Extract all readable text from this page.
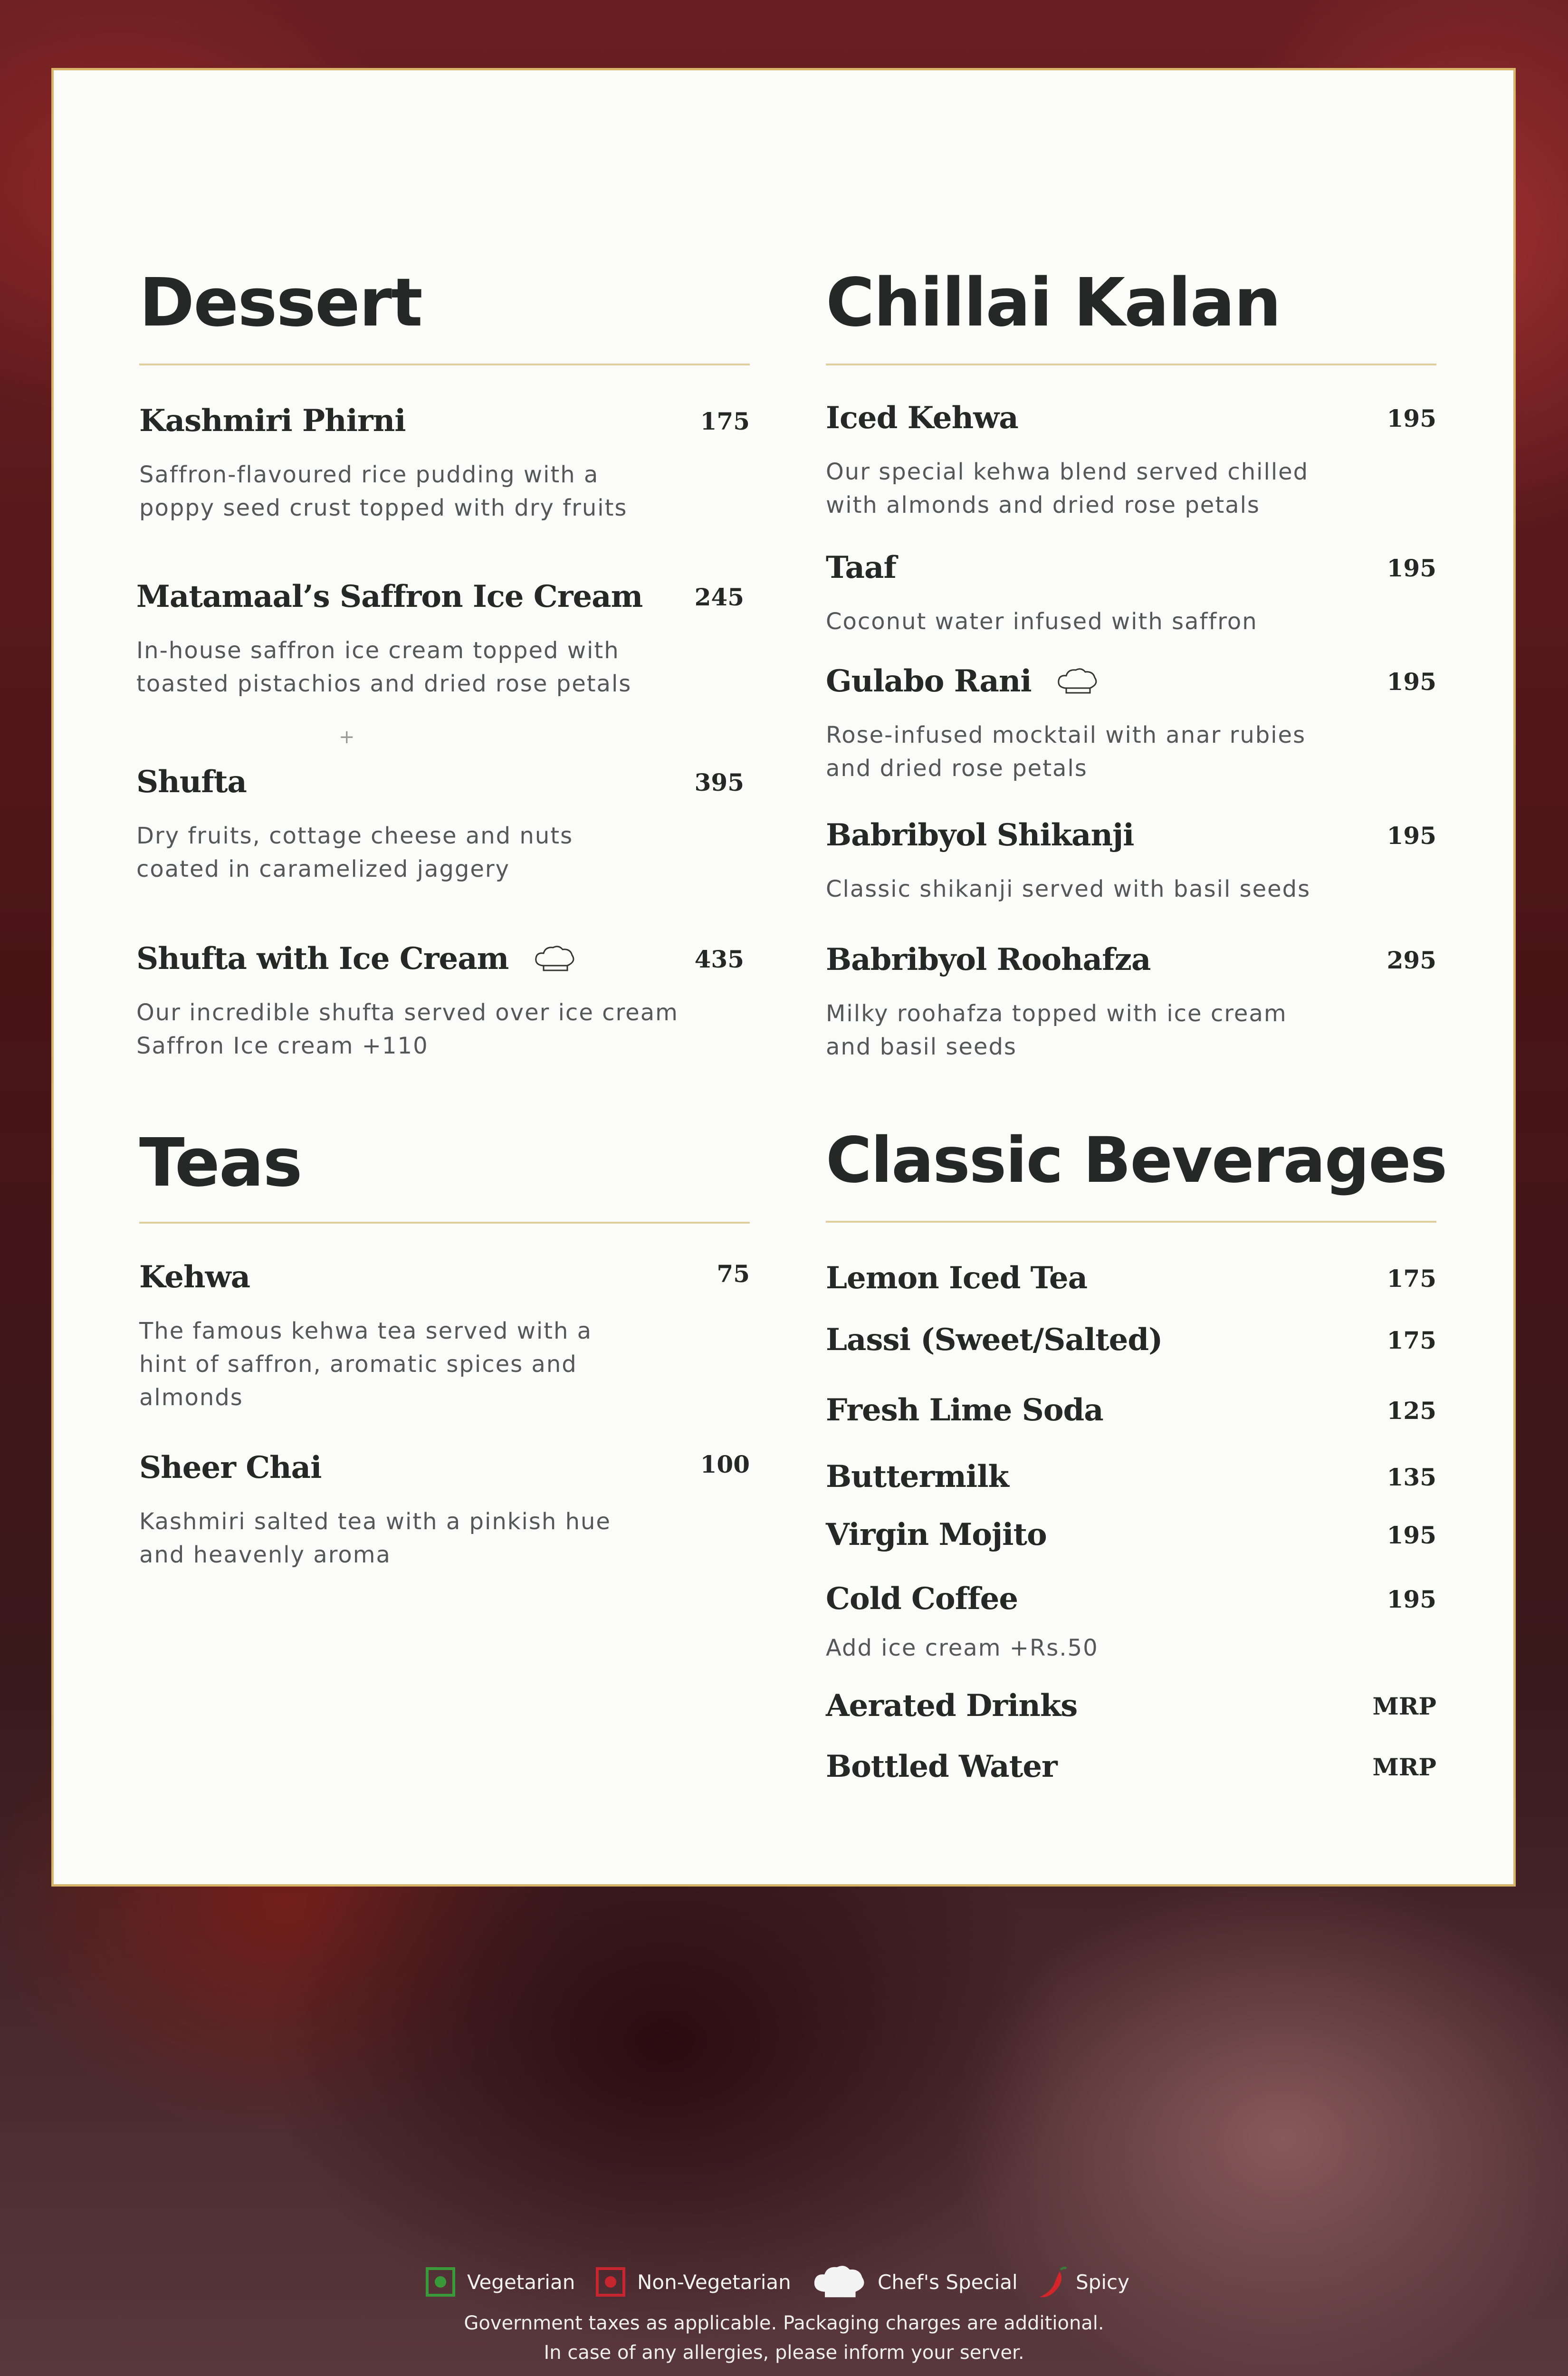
Dessert
Kashmiri Phirni	175
Saffron-flavoured rice pudding with a
poppy seed crust topped with dry fruits
Matamaal’s Saffron Ice Cream 245
In-house saffron ice cream topped with
toasted pistachios and dried rose petals
+
Shufta	395
Dry fruits, cottage cheese and nuts
coated in caramelized jaggery
Shufta with Ice Cream	435
Our incredible shufta served over ice cream
Saffron Ice cream +110
Teas
Kehwa	75
The famous kehwa tea served with a
hint of saffron, aromatic spices and
almonds
Sheer Chai	100
Kashmiri salted tea with a pinkish hue
and heavenly aroma
Chillai Kalan
Iced Kehwa	195
Our special kehwa blend served chilled
with almonds and dried rose petals
Taaf	195
Coconut water infused with saffron
Gulabo Rani	195
Rose-infused mocktail with anar rubies
and dried rose petals
Babribyol Shikanji	195
Classic shikanji served with basil seeds
Babribyol Roohafza	295
Milky roohafza topped with ice cream
and basil seeds
Classic Beverages
Lemon Iced Tea	175
Lassi (Sweet/Salted)	175
Fresh Lime Soda	125
Buttermilk	135
Virgin Mojito	195
Cold Coffee	195
Add ice cream +Rs.50
Aerated Drinks	MRP
Bottled Water	MRP
Vegetarian	Non-Vegetarian	Chef's Special	Spicy
Government taxes as applicable. Packaging charges are additional.
In case of any allergies, please inform your server.
